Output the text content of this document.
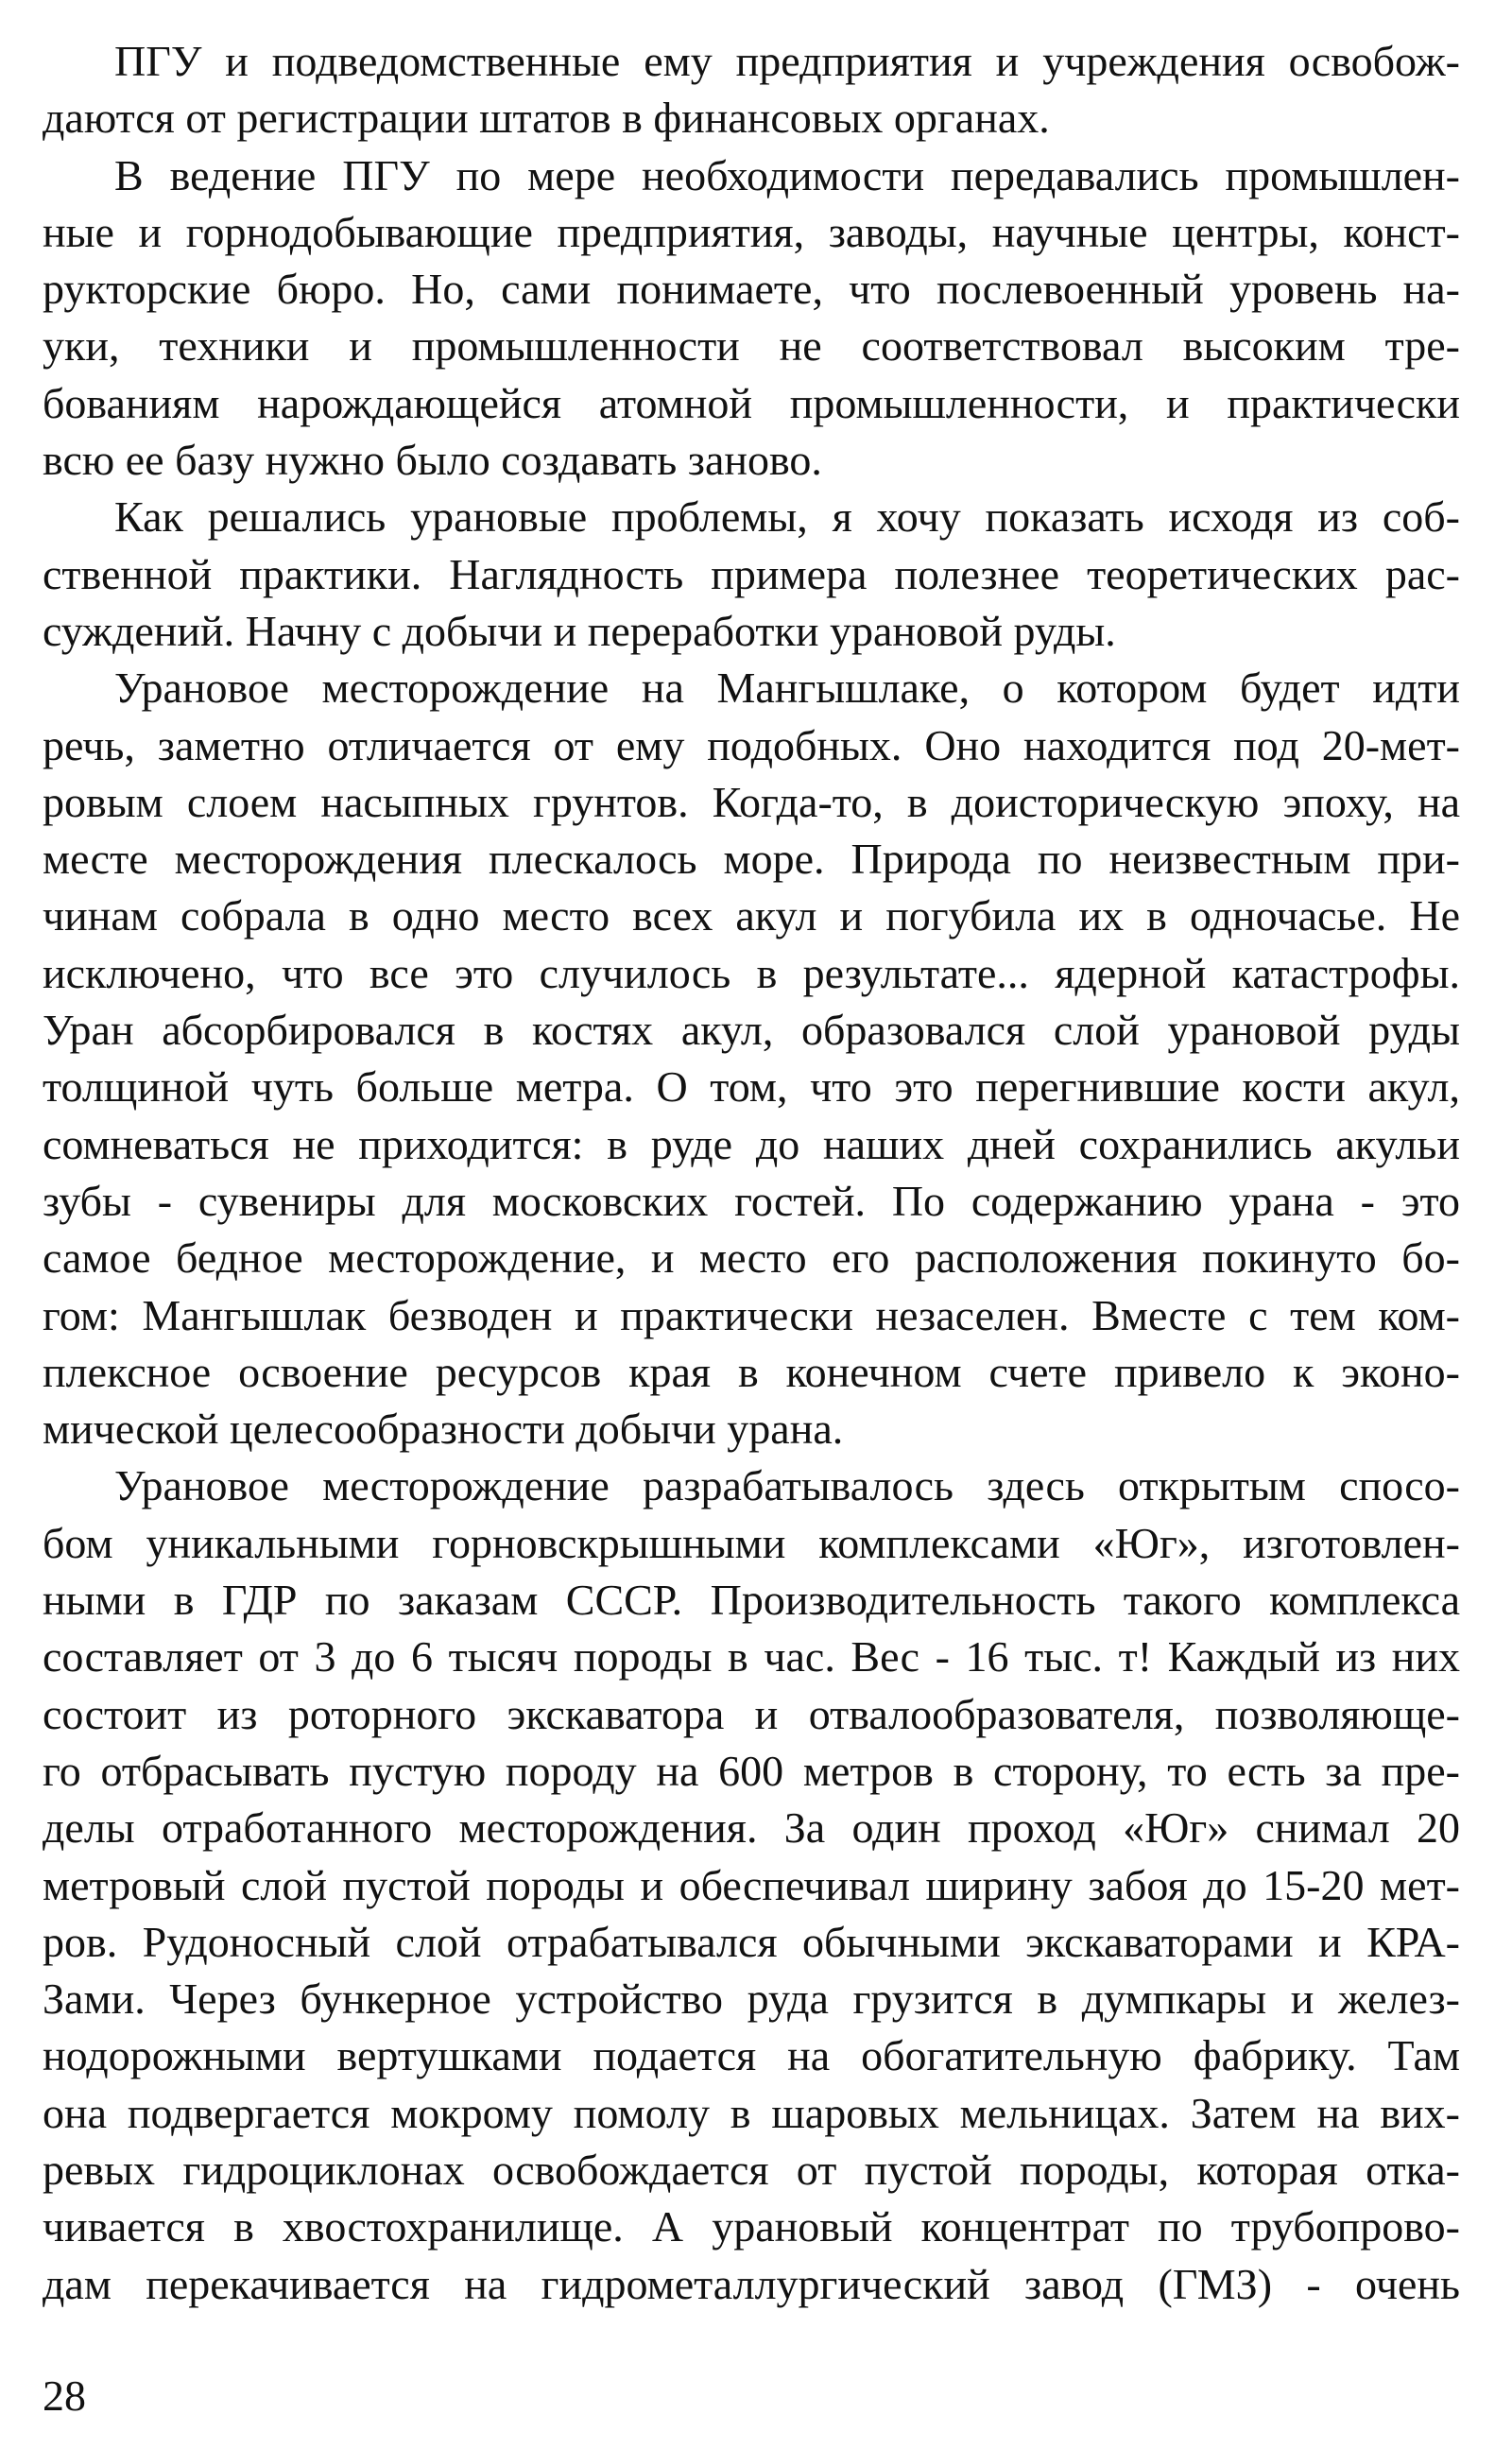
ПГУ и подведомственные ему предприятия и учреждения освобож-
даются от регистрации штатов в финансовых органах.
В ведение ПГУ по мере необходимости передавались промышлен-
ные и горнодобывающие предприятия, заводы, научные центры, конст-
рукторские бюро. Но, сами понимаете, что послевоенный уровень на-
уки, техники и промышленности не соответствовал высоким тре-
бованиям нарождающейся атомной промышленности, и практически
всю ее базу нужно было создавать заново.
Как решались урановые проблемы, я хочу показать исходя из соб-
ственной практики. Наглядность примера полезнее теоретических рас-
суждений. Начну с добычи и переработки урановой руды.
Урановое месторождение на Мангышлаке, о котором будет идти
речь, заметно отличается от ему подобных. Оно находится под 20-мет-
ровым слоем насыпных грунтов. Когда-то, в доисторическую эпоху, на
месте месторождения плескалось море. Природа по неизвестным при-
чинам собрала в одно место всех акул и погубила их в одночасье. Не
исключено, что все это случилось в результате... ядерной катастрофы.
Уран абсорбировался в костях акул, образовался слой урановой руды
толщиной чуть больше метра. О том, что это перегнившие кости акул,
сомневаться не приходится: в руде до наших дней сохранились акульи
зубы - сувениры для московских гостей. По содержанию урана - это
самое бедное месторождение, и место его расположения покинуто бо-
гом: Мангышлак безводен и практически незаселен. Вместе с тем ком-
плексное освоение ресурсов края в конечном счете привело к эконо-
мической целесообразности добычи урана.
Урановое месторождение разрабатывалось здесь открытым спосо-
бом уникальными горновскрышными комплексами «Юг», изготовлен-
ными в ГДР по заказам СССР. Производительность такого комплекса
составляет от 3 до 6 тысяч породы в час. Вес - 16 тыс. т! Каждый из них
состоит из роторного экскаватора и отвалообразователя, позволяюще-
го отбрасывать пустую породу на 600 метров в сторону, то есть за пре-
делы отработанного месторождения. За один проход «Юг» снимал 20
метровый слой пустой породы и обеспечивал ширину забоя до 15-20 мет-
ров. Рудоносный слой отрабатывался обычными экскаваторами и КРА-
Зами. Через бункерное устройство руда грузится в думпкары и желез-
нодорожными вертушками подается на обогатительную фабрику. Там
она подвергается мокрому помолу в шаровых мельницах. Затем на вих-
ревых гидроциклонах освобождается от пустой породы, которая отка-
чивается в хвостохранилище. А урановый концентрат по трубопрово-
дам перекачивается на гидрометаллургический завод (ГМЗ) - очень
28
